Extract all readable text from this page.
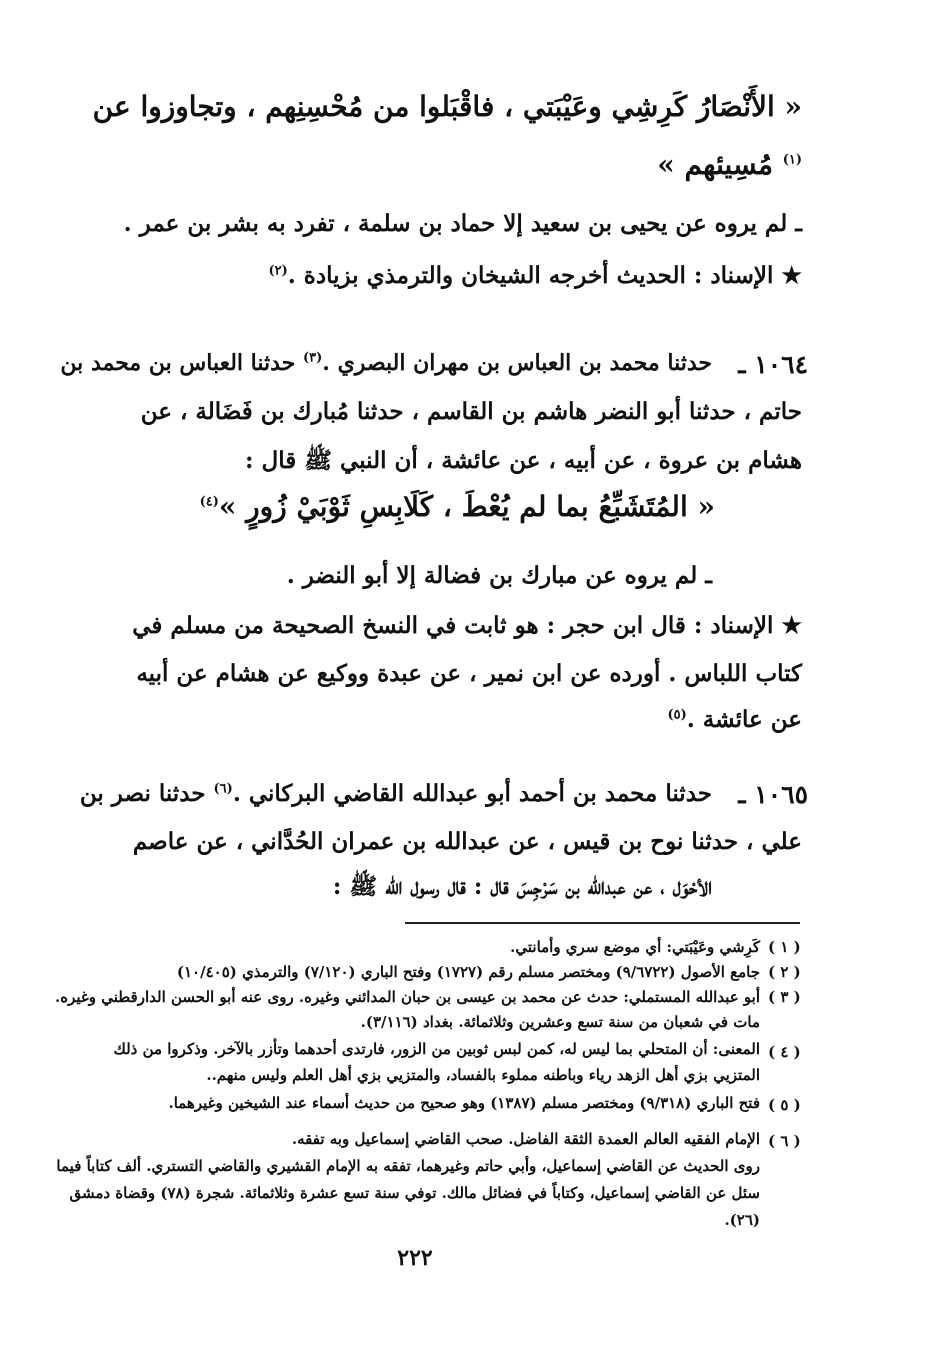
« الأَنْصَارُ كَرِشِي وعَيْبَتي ، فاقْبَلوا من مُحْسِنِهم ، وتجاوزوا عن
$^{(١)}$ مُسِيئهم »
ـ لم يروه عن يحيى بن سعيد إلا حماد بن سلمة ، تفرد به بشر بن عمر .
★ الإسناد : الحديث أخرجه الشيخان والترمذي بزيادة .$^{(٢)}$
١٠٦٤ ـ
حدثنا محمد بن العباس بن مهران البصري .$^{(٣)}$ حدثنا العباس بن محمد بن
حاتم ، حدثنا أبو النضر هاشم بن القاسم ، حدثنا مُبارك بن فَضَالة ، عن
هشام بن عروة ، عن أبيه ، عن عائشة ، أن النبي ﷺ قال :
« المُتَشَبِّعُ بما لم يُعْطَ ، كَلَابِسِ ثَوْبَيْ زُورٍ »$^{(٤)}$
ـ لم يروه عن مبارك بن فضالة إلا أبو النضر .
★ الإسناد : قال ابن حجر : هو ثابت في النسخ الصحيحة من مسلم في
كتاب اللباس . أورده عن ابن نمير ، عن عبدة ووكيع عن هشام عن أبيه
عن عائشة .$^{(٥)}$
١٠٦٥ ـ
حدثنا محمد بن أحمد أبو عبدالله القاضي البركاني .$^{(٦)}$ حدثنا نصر بن
علي ، حدثنا نوح بن قيس ، عن عبدالله بن عمران الحُدَّاني ، عن عاصم
الأحْوَل ، عن عبدالله بن سَرْجِسَ قال : قال رسول الله ﷺ :
( ١ )
كَرِشي وعَيْبَتي: أي موضع سري وأمانتي.
( ٢ )
جامع الأصول (٩/٦٧٢٢) ومختصر مسلم رقم (١٧٢٧) وفتح الباري (٧/١٢٠) والترمذي (١٠/٤٠٥)
( ٣ )
أبو عبدالله المستملي: حدث عن محمد بن عيسى بن حبان المدائني وغيره. روى عنه أبو الحسن الدارقطني وغيره.
مات في شعبان من سنة تسع وعشرين وثلاثمائة. بغداد (٣/١١٦).
( ٤ )
المعنى: أن المتحلي بما ليس له، كمن لبس ثوبين من الزور، فارتدى أحدهما وتأزر بالآخر. وذكروا من ذلك
المتزيي بزي أهل الزهد رياء وباطنه مملوء بالفساد، والمتزيي بزي أهل العلم وليس منهم..
( ٥ )
فتح الباري (٩/٣١٨) ومختصر مسلم (١٣٨٧) وهو صحيح من حديث أسماء عند الشيخين وغيرهما.
( ٦ )
الإمام الفقيه العالم العمدة الثقة الفاضل. صحب القاضي إسماعيل وبه تفقه.
روى الحديث عن القاضي إسماعيل، وأبي حاتم وغيرهما، تفقه به الإمام القشيري والقاضي التستري. ألف كتاباً فيما
سئل عن القاضي إسماعيل، وكتاباً في فضائل مالك. توفي سنة تسع عشرة وثلاثمائة. شجرة (٧٨) وقضاة دمشق
(٢٦).
٢٢٢
